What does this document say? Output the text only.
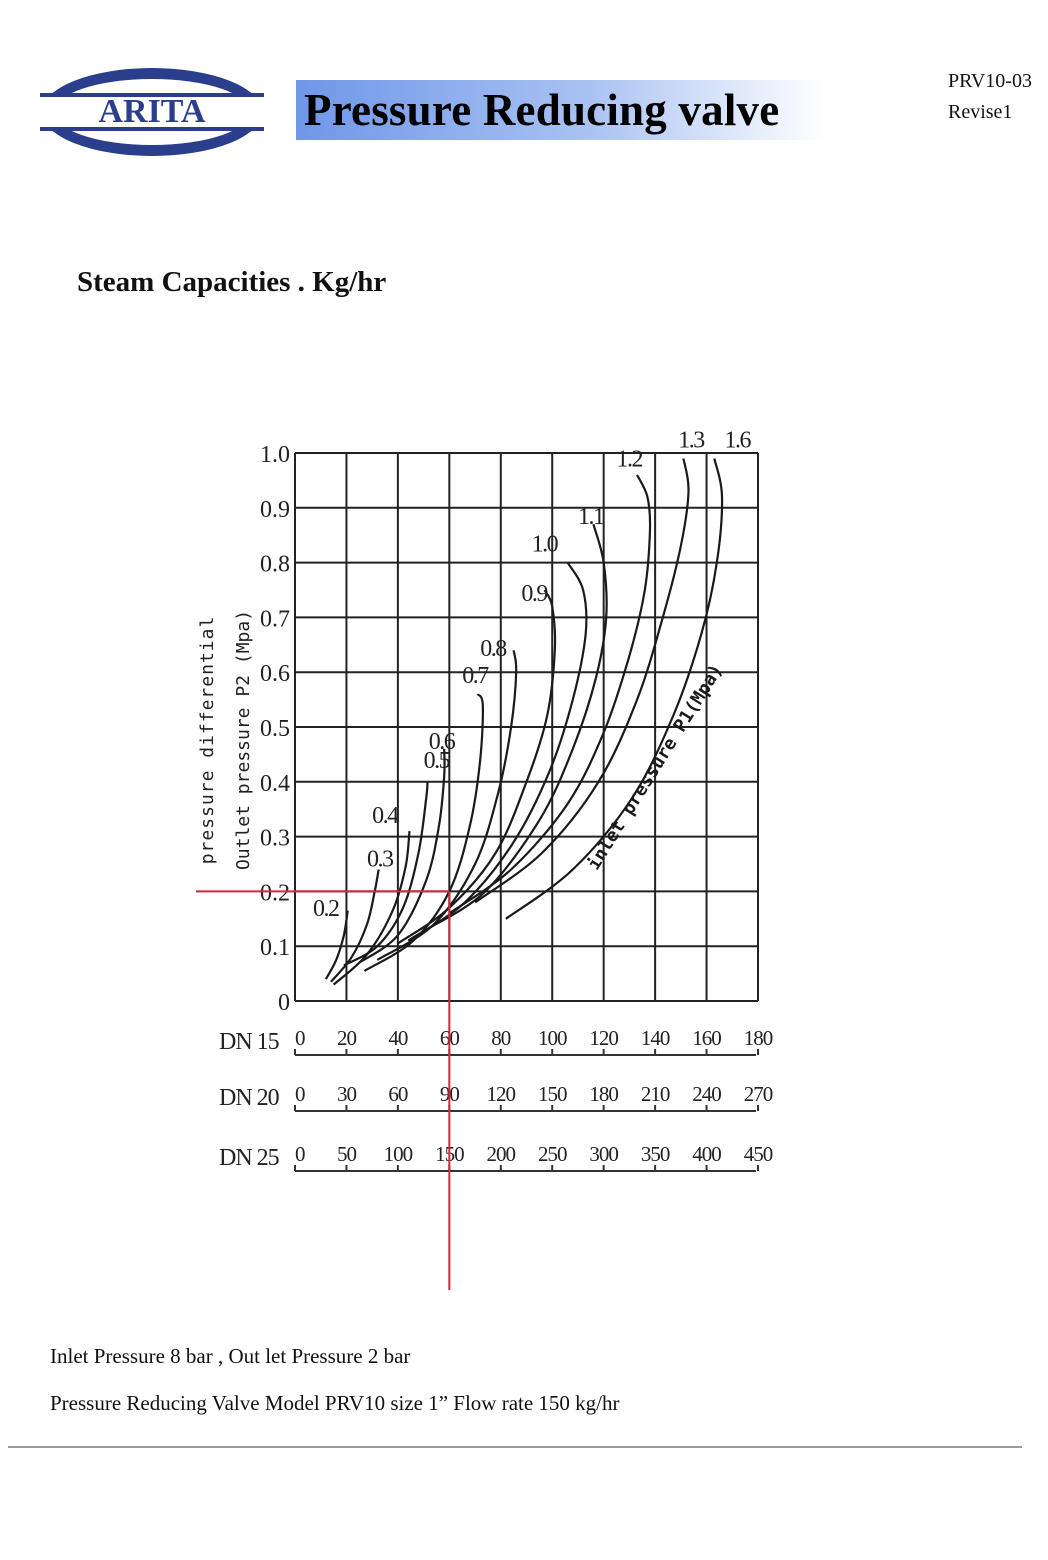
ARITA Pressure Reducing valve
PRV10-03
Revise1
Steam Capacities . Kg/hr
0.2
0.3
0.4
0.5
0.6
0.7
0.8
0.9
1.0
1.1
1.2
1.3 1.6
inlet pressure P1(Mpa)
0
0.1
0.2
0.3
0.4
0.5
0.6
0.7
0.8
0.9
1.0
Outlet pressure P2 (Mpa)
pressure differential
DN 15 0 20 40 60 80 100 120 140 160 180
DN 20 0 30 60 90 120 150 180 210 240 270
DN 25 0 50 100 150 200 250 300 350 400 450
Inlet Pressure 8 bar , Out let Pressure 2 bar
Pressure Reducing Valve Model PRV10 size 1” Flow rate 150 kg/hr
